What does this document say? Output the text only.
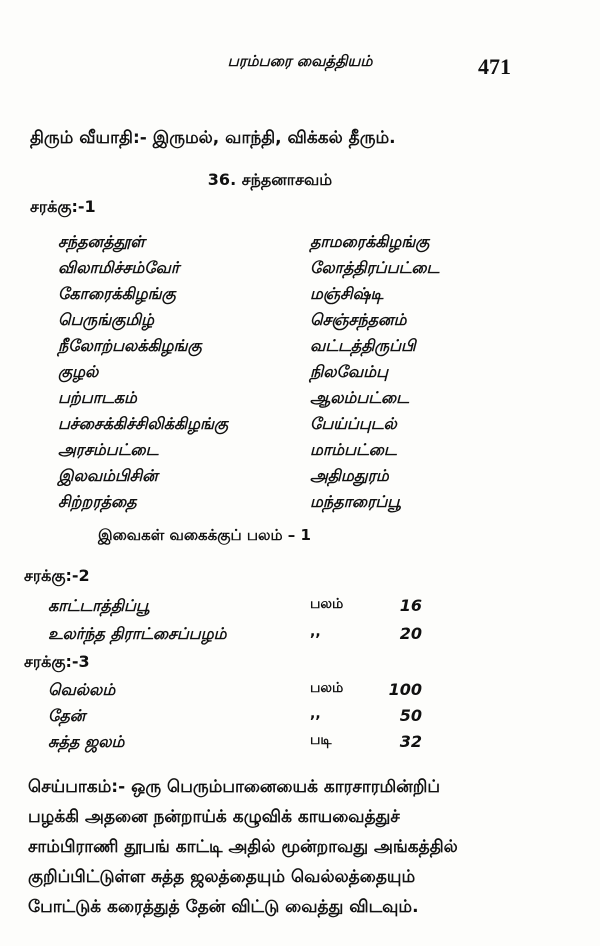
பரம்பரை வைத்தியம்	471
திரும் வீயாதி:- இருமல், வாந்தி, விக்கல் தீரும்.
36. சந்தனாசவம்
சரக்கு:-1
சந்தனத்தூள்	தாமரைக்கிழங்கு
விலாமிச்சம்வேர்	லோத்திரப்பட்டை
கோரைக்கிழங்கு	மஞ்சிஷ்டி
பெருங்குமிழ்	செஞ்சந்தனம்
நீலோற்பலக்கிழங்கு	வட்டத்திருப்பி
குழல்	நிலவேம்பு
பற்பாடகம்	ஆலம்பட்டை
பச்சைக்கிச்சிலிக்கிழங்கு	பேய்ப்புடல்
அரசம்பட்டை	மாம்பட்டை
இலவம்பிசின்	அதிமதுரம்
சிற்றரத்தை	மந்தாரைப்பூ
இவைகள் வகைக்குப் பலம் – 1
சரக்கு:-2
காட்டாத்திப்பூ	பலம்	16
உலர்ந்த திராட்சைப்பழம்	,,	20
சரக்கு:-3
வெல்லம்	பலம்	100
தேன்	,,	50
சுத்த ஜலம்	படி	32
செய்பாகம்:- ஒரு பெரும்பானையைக் காரசாரமின்றிப்
பழக்கி அதனை நன்றாய்க் கழுவிக் காயவைத்துச்
சாம்பிராணி தூபங் காட்டி அதில் மூன்றாவது அங்கத்தில்
குறிப்பிட்டுள்ள சுத்த ஜலத்தையும் வெல்லத்தையும்
போட்டுக் கரைத்துத் தேன் விட்டு வைத்து விடவும்.
